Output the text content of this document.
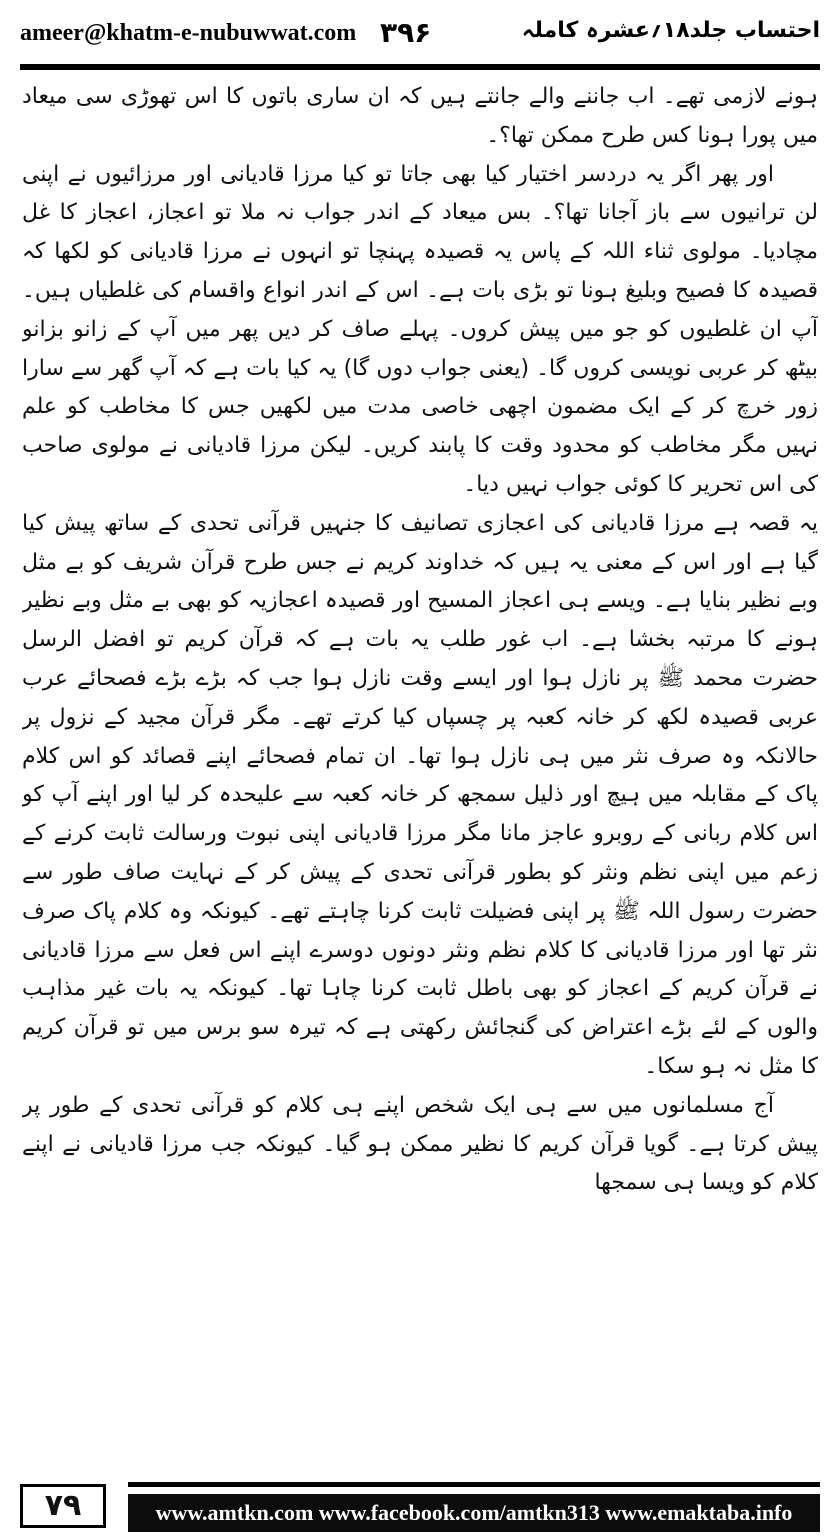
ameer@khatm-e-nubuwwat.com ۳۹۶	احتساب جلد۱۸؍عشرہ کاملہ

ہونے لازمی تھے۔ اب جاننے والے جانتے ہیں کہ ان ساری باتوں کا اس تھوڑی سی میعاد میں پورا ہونا کس طرح ممکن تھا؟۔

اور پھر اگر یہ دردسر اختیار کیا بھی جاتا تو کیا مرزا قادیانی اور مرزائیوں نے اپنی لن ترانیوں سے باز آجانا تھا؟۔ بس میعاد کے اندر جواب نہ ملا تو اعجاز، اعجاز کا غل مچادیا۔ مولوی ثناء اللہ کے پاس یہ قصیدہ پہنچا تو انہوں نے مرزا قادیانی کو لکھا کہ قصیدہ کا فصیح وبلیغ ہونا تو بڑی بات ہے۔ اس کے اندر انواع واقسام کی غلطیاں ہیں۔ آپ ان غلطیوں کو جو میں پیش کروں۔ پہلے صاف کر دیں پھر میں آپ کے زانو بزانو بیٹھ کر عربی نویسی کروں گا۔ (یعنی جواب دوں گا) یہ کیا بات ہے کہ آپ گھر سے سارا زور خرچ کر کے ایک مضمون اچھی خاصی مدت میں لکھیں جس کا مخاطب کو علم نہیں مگر مخاطب کو محدود وقت کا پابند کریں۔ لیکن مرزا قادیانی نے مولوی صاحب کی اس تحریر کا کوئی جواب نہیں دیا۔

یہ قصہ ہے مرزا قادیانی کی اعجازی تصانیف کا جنہیں قرآنی تحدی کے ساتھ پیش کیا گیا ہے اور اس کے معنی یہ ہیں کہ خداوند کریم نے جس طرح قرآن شریف کو بے مثل وبے نظیر بنایا ہے۔ ویسے ہی اعجاز المسیح اور قصیدہ اعجازیہ کو بھی بے مثل وبے نظیر ہونے کا مرتبہ بخشا ہے۔ اب غور طلب یہ بات ہے کہ قرآن کریم تو افضل الرسل حضرت محمد ﷺ پر نازل ہوا اور ایسے وقت نازل ہوا جب کہ بڑے بڑے فصحائے عرب عربی قصیدہ لکھ کر خانہ کعبہ پر چسپاں کیا کرتے تھے۔ مگر قرآن مجید کے نزول پر حالانکہ وہ صرف نثر میں ہی نازل ہوا تھا۔ ان تمام فصحائے اپنے قصائد کو اس کلام پاک کے مقابلہ میں ہیچ اور ذلیل سمجھ کر خانہ کعبہ سے علیحدہ کر لیا اور اپنے آپ کو اس کلام ربانی کے روبرو عاجز مانا مگر مرزا قادیانی اپنی نبوت ورسالت ثابت کرنے کے زعم میں اپنی نظم ونثر کو بطور قرآنی تحدی کے پیش کر کے نہایت صاف طور سے حضرت رسول اللہ ﷺ پر اپنی فضیلت ثابت کرنا چاہتے تھے۔ کیونکہ وہ کلام پاک صرف نثر تھا اور مرزا قادیانی کا کلام نظم ونثر دونوں دوسرے اپنے اس فعل سے مرزا قادیانی نے قرآن کریم کے اعجاز کو بھی باطل ثابت کرنا چاہا تھا۔ کیونکہ یہ بات غیر مذاہب والوں کے لئے بڑے اعتراض کی گنجائش رکھتی ہے کہ تیرہ سو برس میں تو قرآن کریم کا مثل نہ ہو سکا۔

آج مسلمانوں میں سے ہی ایک شخص اپنے ہی کلام کو قرآنی تحدی کے طور پر پیش کرتا ہے۔ گویا قرآن کریم کا نظیر ممکن ہو گیا۔ کیونکہ جب مرزا قادیانی نے اپنے کلام کو ویسا ہی سمجھا

۷۹	www.amtkn.com www.facebook.com/amtkn313 www.emaktaba.info
